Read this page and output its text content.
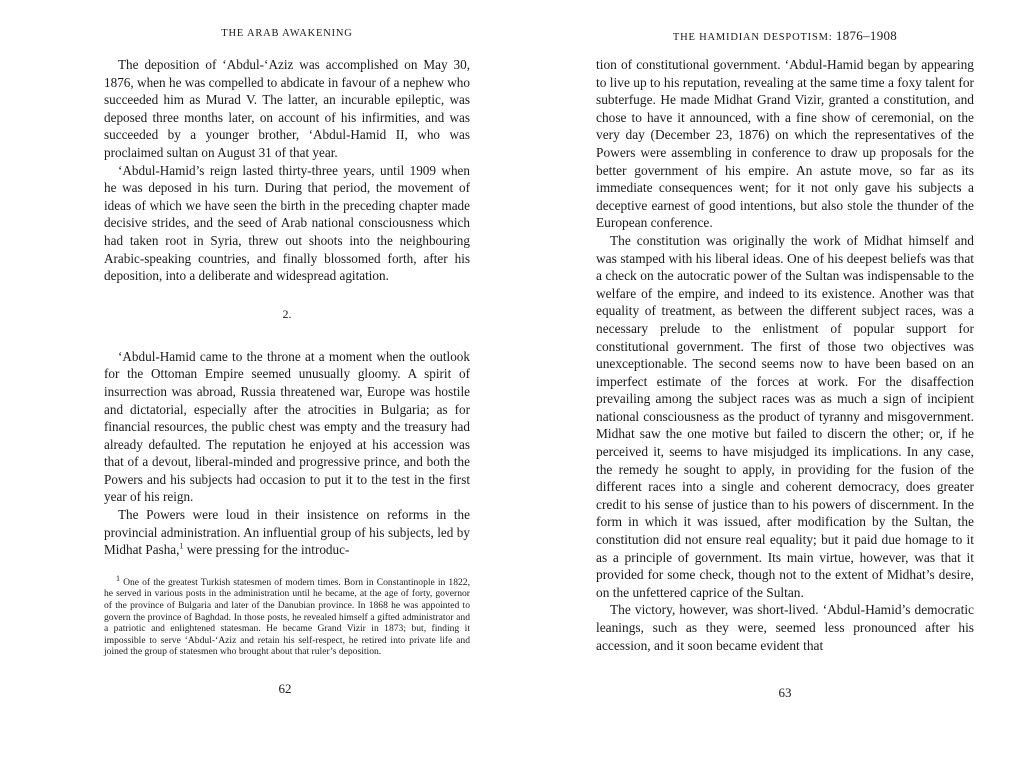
THE ARAB AWAKENING

The deposition of ‘Abdul-‘Aziz was accomplished on May 30, 1876, when he was compelled to abdicate in favour of a nephew who succeeded him as Murad V. The latter, an incurable epileptic, was deposed three months later, on account of his infirmities, and was succeeded by a younger brother, ‘Abdul-Hamid II, who was proclaimed sultan on August 31 of that year.

‘Abdul-Hamid’s reign lasted thirty-three years, until 1909 when he was deposed in his turn. During that period, the movement of ideas of which we have seen the birth in the preceding chapter made decisive strides, and the seed of Arab national consciousness which had taken root in Syria, threw out shoots into the neighbouring Arabic-speaking countries, and finally blossomed forth, after his deposition, into a deliberate and widespread agitation.

2.

‘Abdul-Hamid came to the throne at a moment when the outlook for the Ottoman Empire seemed unusually gloomy. A spirit of insurrection was abroad, Russia threatened war, Europe was hostile and dictatorial, especially after the atrocities in Bulgaria; as for financial resources, the public chest was empty and the treasury had already defaulted. The reputation he enjoyed at his accession was that of a devout, liberal-minded and progressive prince, and both the Powers and his subjects had occasion to put it to the test in the first year of his reign.

The Powers were loud in their insistence on reforms in the provincial administration. An influential group of his subjects, led by Midhat Pasha,$^1$ were pressing for the introduc-

$^1$ One of the greatest Turkish statesmen of modern times. Born in Constantinople in 1822, he served in various posts in the administration until he became, at the age of forty, governor of the province of Bulgaria and later of the Danubian province. In 1868 he was appointed to govern the province of Baghdad. In those posts, he revealed himself a gifted administrator and a patriotic and enlightened statesman. He became Grand Vizir in 1873; but, finding it impossible to serve ‘Abdul-‘Aziz and retain his self-respect, he retired into private life and joined the group of statesmen who brought about that ruler’s deposition.
62
THE HAMIDIAN DESPOTISM: 1876–1908

tion of constitutional government. ‘Abdul-Hamid began by appearing to live up to his reputation, revealing at the same time a foxy talent for subterfuge. He made Midhat Grand Vizir, granted a constitution, and chose to have it announced, with a fine show of ceremonial, on the very day (December 23, 1876) on which the representatives of the Powers were assembling in conference to draw up proposals for the better government of his empire. An astute move, so far as its immediate consequences went; for it not only gave his subjects a deceptive earnest of good intentions, but also stole the thunder of the European conference.

The constitution was originally the work of Midhat himself and was stamped with his liberal ideas. One of his deepest beliefs was that a check on the autocratic power of the Sultan was indispensable to the welfare of the empire, and indeed to its existence. Another was that equality of treatment, as between the different subject races, was a necessary prelude to the enlistment of popular support for constitutional government. The first of those two objectives was unexceptionable. The second seems now to have been based on an imperfect estimate of the forces at work. For the disaffection prevailing among the subject races was as much a sign of incipient national consciousness as the product of tyranny and misgovernment. Midhat saw the one motive but failed to discern the other; or, if he perceived it, seems to have misjudged its implications. In any case, the remedy he sought to apply, in providing for the fusion of the different races into a single and coherent democracy, does greater credit to his sense of justice than to his powers of discernment. In the form in which it was issued, after modification by the Sultan, the constitution did not ensure real equality; but it paid due homage to it as a principle of government. Its main virtue, however, was that it provided for some check, though not to the extent of Midhat’s desire, on the unfettered caprice of the Sultan.

The victory, however, was short-lived. ‘Abdul-Hamid’s democratic leanings, such as they were, seemed less pronounced after his accession, and it soon became evident that

63
